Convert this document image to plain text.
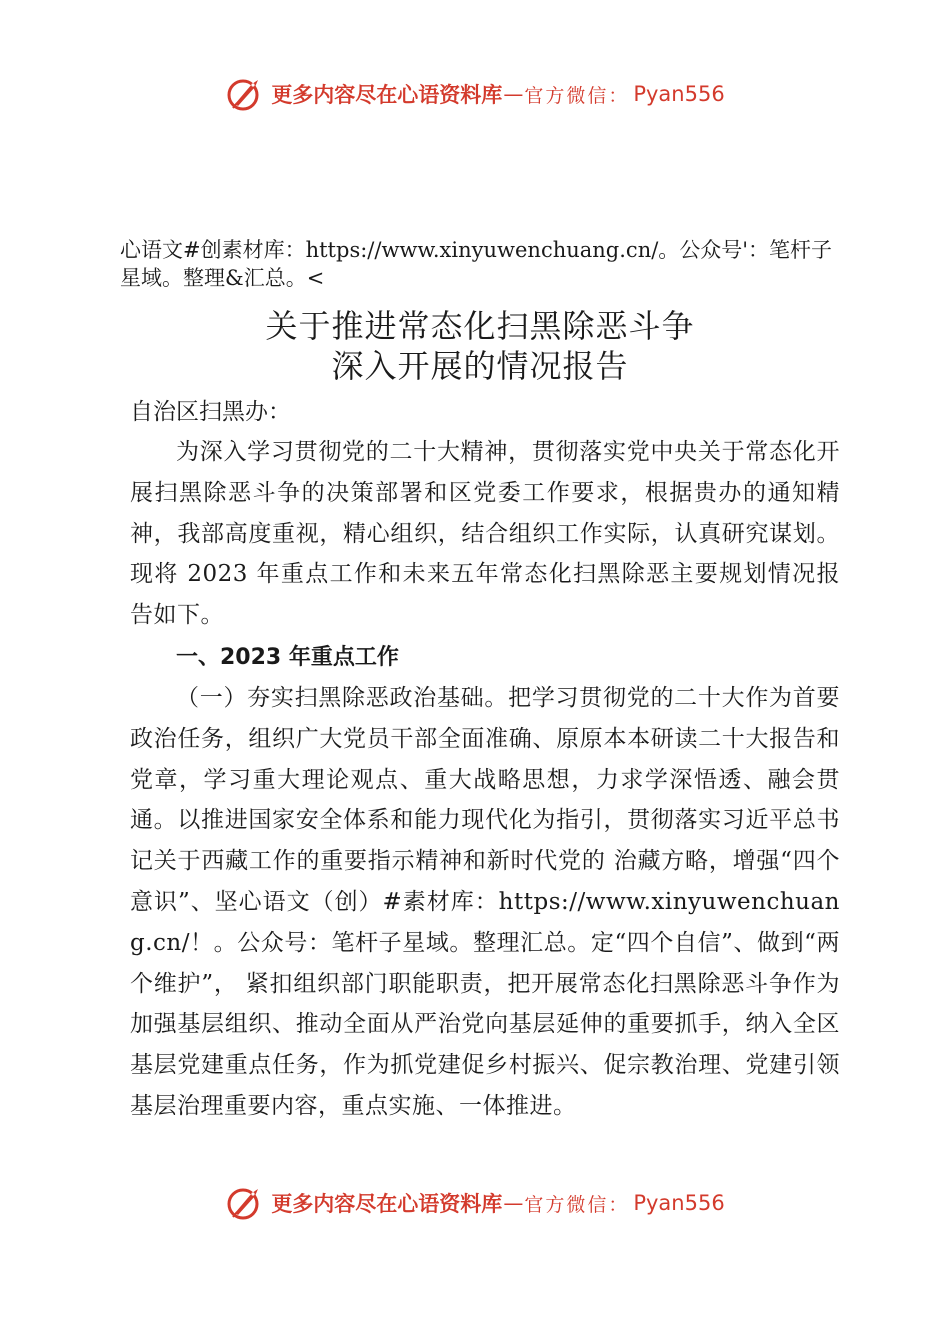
更多内容尽在心语资料库 — 官方微信： Pyan556

心语文#创素材库：https://www.xinyuwenchuang.cn/。公众号'：笔杆子星域。整理&汇总。<

关于推进常态化扫黑除恶斗争
深入开展的情况报告
自治区扫黑办：

为深入学习贯彻党的二十大精神，贯彻落实党中央关于常态化开展扫黑除恶斗争的决策部署和区党委工作要求，根据贵办的通知精神，我部高度重视，精心组织，结合组织工作实际，认真研究谋划。现将 2023 年重点工作和未来五年常态化扫黑除恶主要规划情况报告如下。

一、2023 年重点工作

（一）夯实扫黑除恶政治基础。把学习贯彻党的二十大作为首要政治任务，组织广大党员干部全面准确、原原本本研读二十大报告和党章，学习重大理论观点、重大战略思想，力求学深悟透、融会贯通。以推进国家安全体系和能力现代化为指引，贯彻落实习近平总书记关于西藏工作的重要指示精神和新时代党的 治藏方略，增强“四个意识”、坚心语文（创）#素材库：https://www.xinyuwenchuang.cn/！。公众号：笔杆子星域。整理汇总。定“四个自信”、做到“两个维护”， 紧扣组织部门职能职责，把开展常态化扫黑除恶斗争作为加强基层组织、推动全面从严治党向基层延伸的重要抓手，纳入全区基层党建重点任务，作为抓党建促乡村振兴、促宗教治理、党建引领基层治理重要内容，重点实施、一体推进。

更多内容尽在心语资料库 — 官方微信： Pyan556
